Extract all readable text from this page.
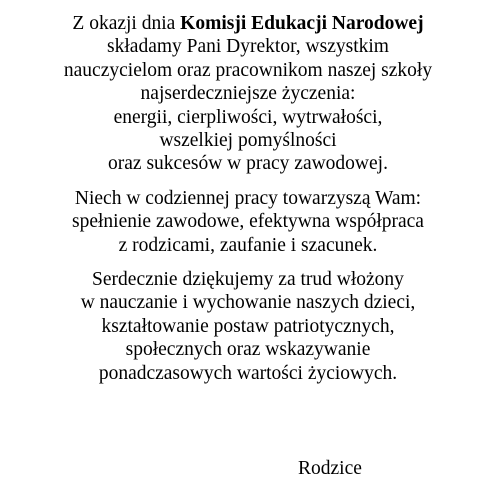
Z okazji dnia Komisji Edukacji Narodowej
składamy Pani Dyrektor, wszystkim
nauczycielom oraz pracownikom naszej szkoły
najserdeczniejsze życzenia:
energii, cierpliwości, wytrwałości,
wszelkiej pomyślności
oraz sukcesów w pracy zawodowej.

Niech w codziennej pracy towarzyszą Wam:
spełnienie zawodowe, efektywna współpraca
z rodzicami, zaufanie i szacunek.

Serdecznie dziękujemy za trud włożony
w nauczanie i wychowanie naszych dzieci,
kształtowanie postaw patriotycznych,
społecznych oraz wskazywanie
ponadczasowych wartości życiowych.

Rodzice
